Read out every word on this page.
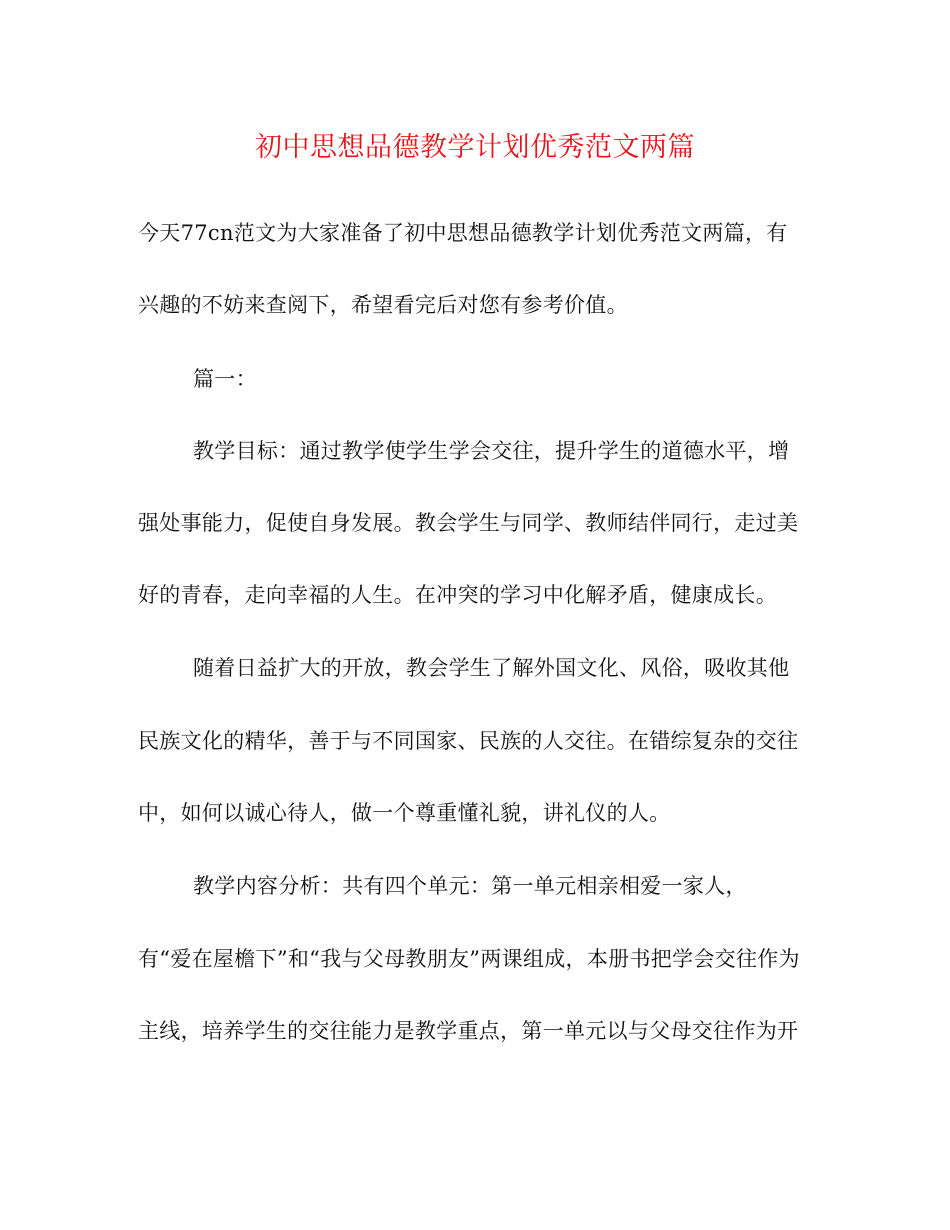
初中思想品德教学计划优秀范文两篇
今天77cn范文为大家准备了初中思想品德教学计划优秀范文两篇，有
兴趣的不妨来查阅下，希望看完后对您有参考价值。
篇一：
教学目标：通过教学使学生学会交往，提升学生的道德水平，增
强处事能力，促使自身发展。教会学生与同学、教师结伴同行，走过美
好的青春，走向幸福的人生。在冲突的学习中化解矛盾，健康成长。
随着日益扩大的开放，教会学生了解外国文化、风俗，吸收其他
民族文化的精华，善于与不同国家、民族的人交往。在错综复杂的交往
中，如何以诚心待人，做一个尊重懂礼貌，讲礼仪的人。
教学内容分析：共有四个单元：第一单元相亲相爱一家人，
有“爱在屋檐下”和“我与父母教朋友”两课组成，本册书把学会交往作为
主线，培养学生的交往能力是教学重点，第一单元以与父母交往作为开
